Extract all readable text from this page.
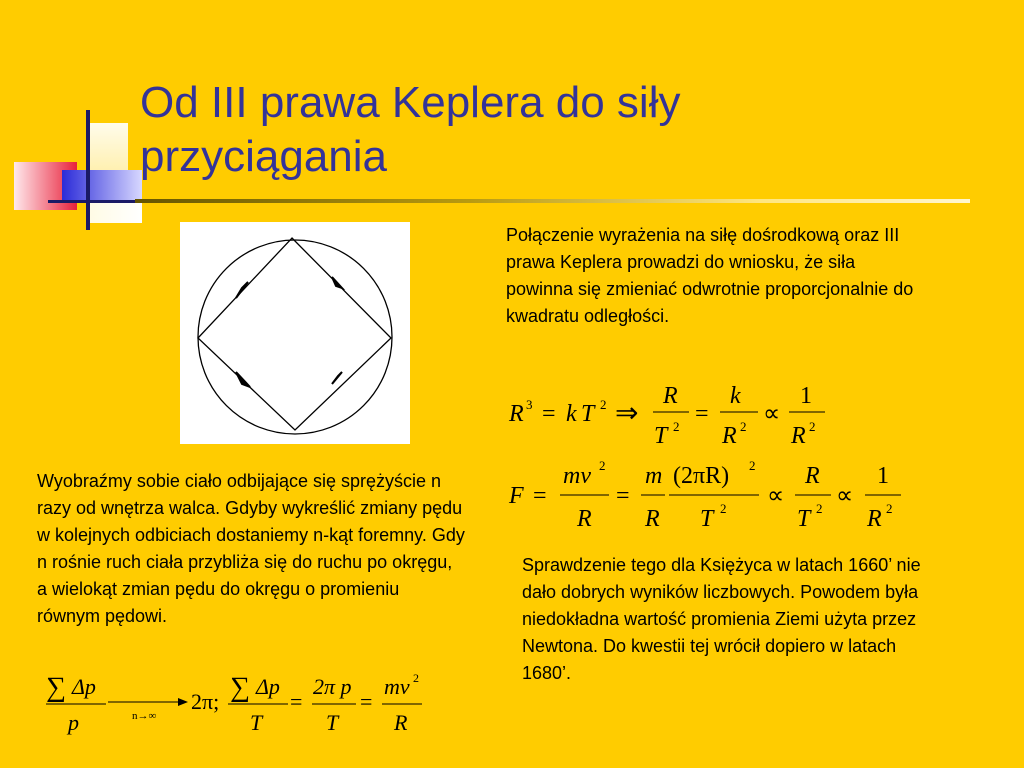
Od III prawa Keplera do siły
przyciągania
Połączenie wyrażenia na siłę dośrodkową oraz III prawa Keplera prowadzi do wniosku, że siła powinna się zmieniać odwrotnie proporcjonalnie do kwadratu odległości.
R 3 = k T 2 ⇒
R
T 2 =
k
R 2 ∝
1
R 2
F =
mv 2
R
=
m
R
(2πR) 2
T 2 ∝
R
T 2 ∝
1
R 2
Wyobraźmy sobie ciało odbijające się sprężyście n razy od wnętrza walca. Gdyby wykreślić zmiany pędu w kolejnych odbiciach dostaniemy n-kąt foremny. Gdy n rośnie ruch ciała przybliża się do ruchu po okręgu, a wielokąt zmian pędu do okręgu o promieniu równym pędowi.
∑ Δp
p	n→∞
2π; ∑ Δp
T
=
2π p
T
=
mv 2
R
Sprawdzenie tego dla Księżyca w latach 1660’ nie dało dobrych wyników liczbowych. Powodem była niedokładna wartość promienia Ziemi użyta przez Newtona. Do kwestii tej wrócił dopiero w latach 1680’.
